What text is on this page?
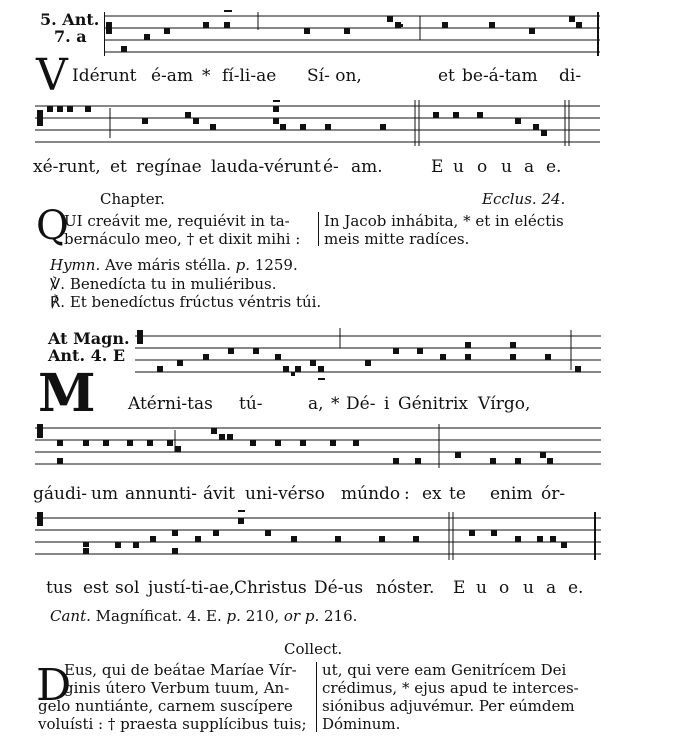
5. Ant.
7. a
V Idérunt é-am * fí-li-ae Sí- on,	et be-á-tam di-
xé-runt, et regínae lauda-vérunt é- am.	E u o u a e.
Chapter.	Ecclus. 24.
Q
UI creávit me, requiévit in ta-
bernáculo meo, † et dixit mihi :
In Jacob inhábita, * et in eléctis
meis mitte radíces.
Hymn. Ave máris stélla. p. 1259.
℣. Benedícta tu in muliéribus.
℟. Et benedíctus frúctus véntris túi.
At Magn.
Ant. 4. E
M Atérni-tas tú-	a, * Dé- i Génitrix Vírgo,
gáudi- um annunti- ávit uni-vérso múndo : ex te enim ór-
tus est sol justí-ti-ae, Christus Dé-us nóster. E u o u a e.
Cant. Magníficat. 4. E. p. 210, or p. 216.
Collect.
D
Eus, qui de beátae Maríae Vír-
ginis útero Verbum tuum, An-
gelo nuntiánte, carnem suscípere
voluísti : † praesta supplícibus tuis;
ut, qui vere eam Genitrícem Dei
crédimus, * ejus apud te interces-
siónibus adjuvémur. Per eúmdem
Dóminum.
